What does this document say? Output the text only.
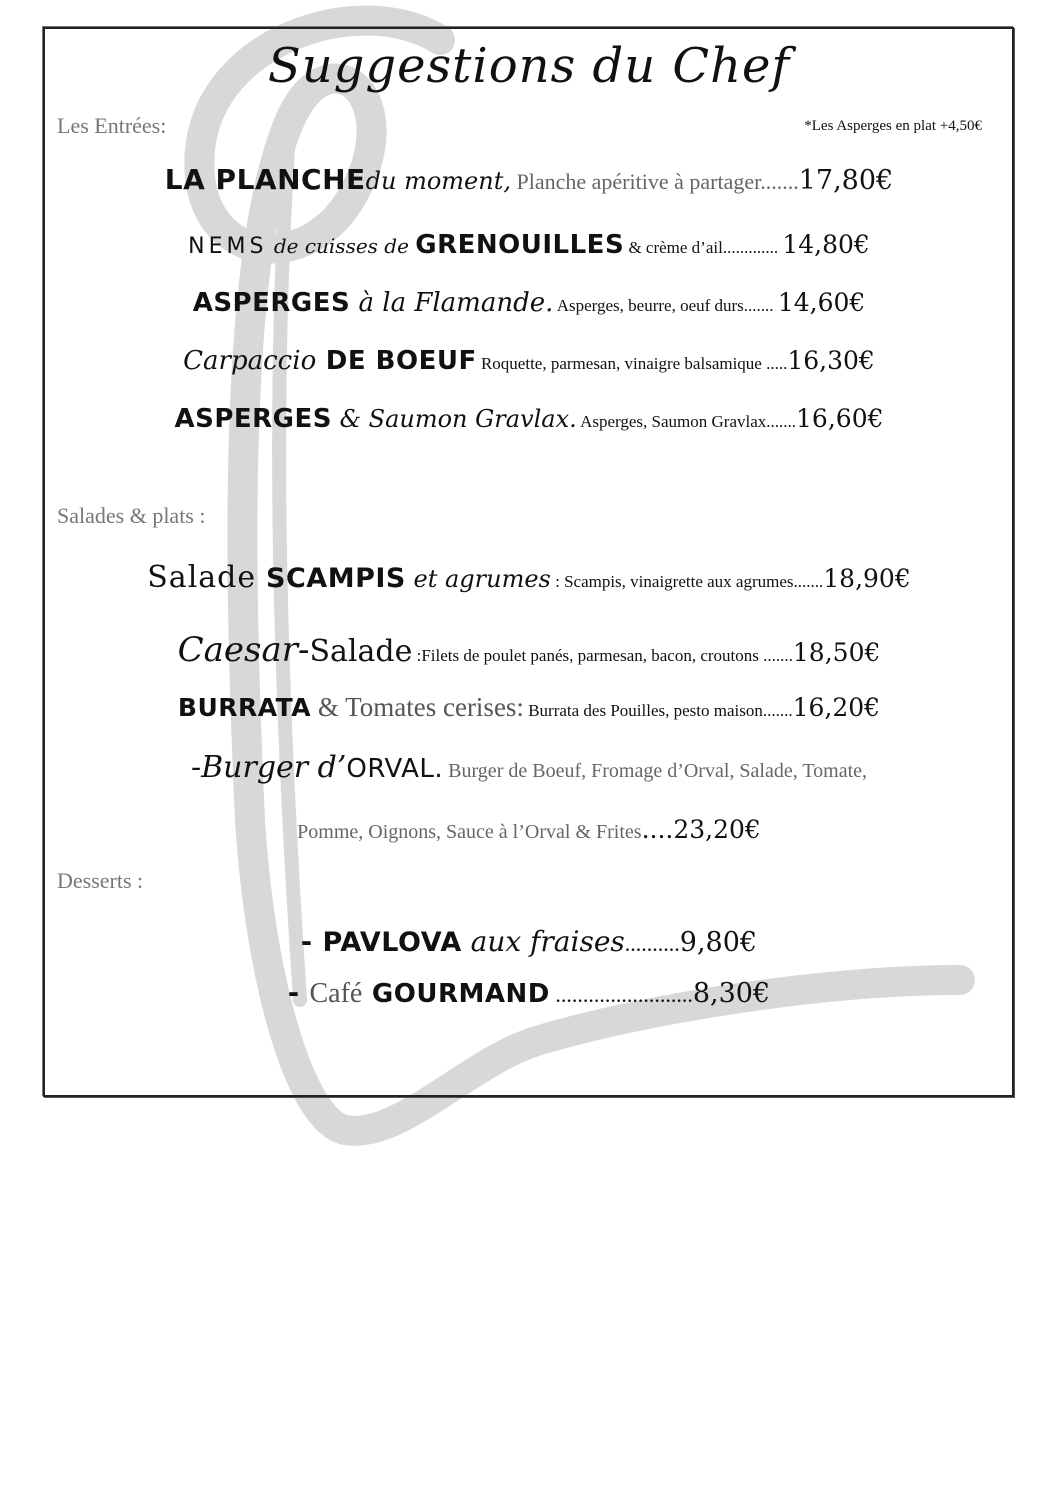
Suggestions du Chef
Les Entrées:	*Les Asperges en plat +4,50€
LA PLANCHEdu moment, Planche apéritive à partager.......17,80€
NEMS de cuisses de GRENOUILLES & crème d’ail............. 14,80€
ASPERGES à la Flamande. Asperges, beurre, oeuf durs....... 14,60€
Carpaccio DE BOEUF Roquette, parmesan, vinaigre balsamique .....16,30€
ASPERGES & Saumon Gravlax. Asperges, Saumon Gravlax.......16,60€
Salades & plats :
Salade SCAMPIS et agrumes : Scampis, vinaigrette aux agrumes.......18,90€
Caesar-Salade :Filets de poulet panés, parmesan, bacon, croutons .......18,50€
BURRATA & Tomates cerises: Burrata des Pouilles, pesto maison.......16,20€
-Burger d’ORVAL. Burger de Boeuf, Fromage d’Orval, Salade, Tomate,
Pomme, Oignons, Sauce à l’Orval & Frites....23,20€
Desserts :
- PAVLOVA aux fraises..........9,80€
- Café GOURMAND .........................8,30€
